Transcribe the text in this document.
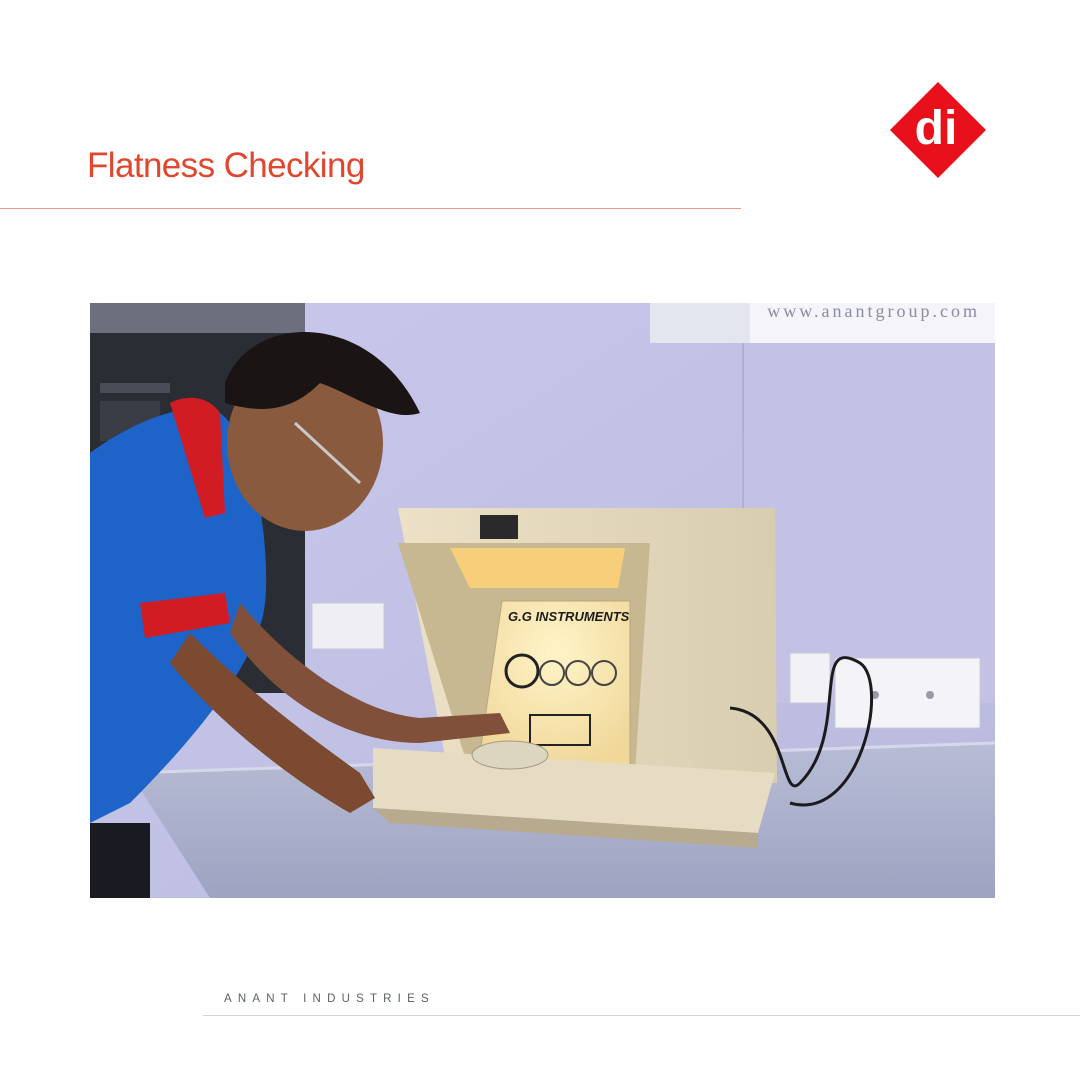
Flatness Checking
di
www.anantgroup.com
G.G INSTRUMENTS
ANANT INDUSTRIES
